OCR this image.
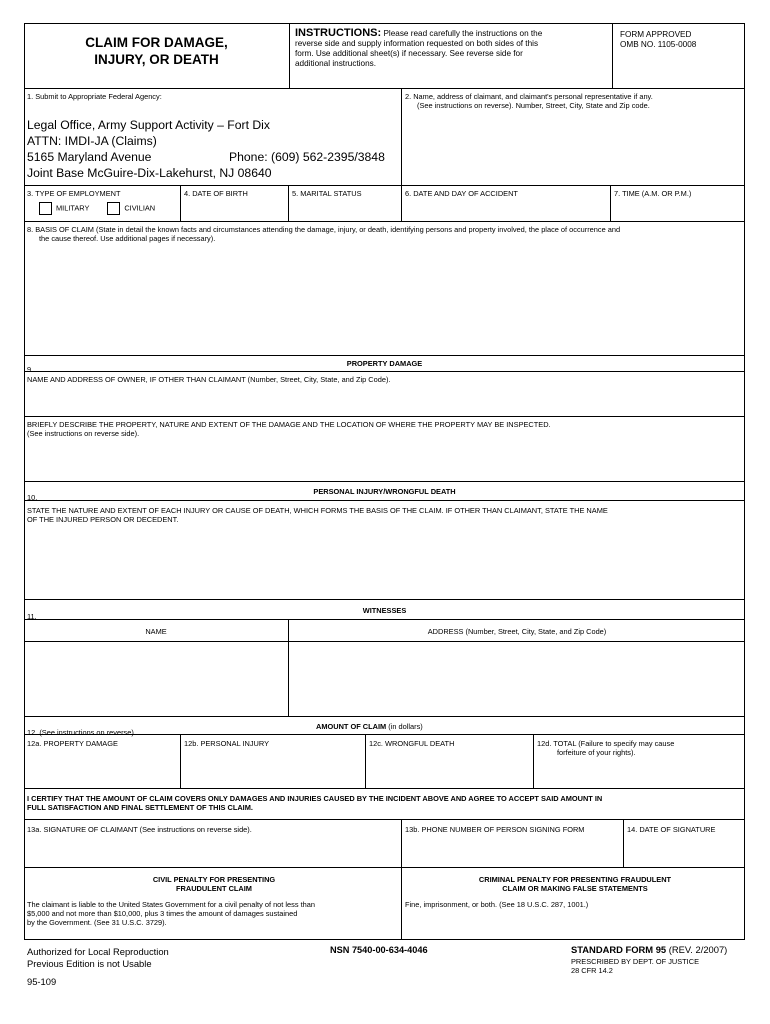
CLAIM FOR DAMAGE,
INJURY, OR DEATH
INSTRUCTIONS: Please read carefully the instructions on the
reverse side and supply information requested on both sides of this
form. Use additional sheet(s) if necessary. See reverse side for
additional instructions.
FORM APPROVED
OMB NO. 1105-0008
1. Submit to Appropriate Federal Agency:
Legal Office, Army Support Activity – Fort Dix
ATTN: IMDI-JA (Claims)
5165 Maryland Avenue	Phone: (609) 562-2395/3848
Joint Base McGuire-Dix-Lakehurst, NJ 08640
2. Name, address of claimant, and claimant's personal representative if any.
(See instructions on reverse). Number, Street, City, State and Zip code.
3. TYPE OF EMPLOYMENT
MILITARY	CIVILIAN
4. DATE OF BIRTH	5. MARITAL STATUS	6. DATE AND DAY OF ACCIDENT	7. TIME (A.M. OR P.M.)
8. BASIS OF CLAIM (State in detail the known facts and circumstances attending the damage, injury, or death, identifying persons and property involved, the place of occurrence and
the cause thereof. Use additional pages if necessary).
9.
PROPERTY DAMAGE
NAME AND ADDRESS OF OWNER, IF OTHER THAN CLAIMANT (Number, Street, City, State, and Zip Code).
BRIEFLY DESCRIBE THE PROPERTY, NATURE AND EXTENT OF THE DAMAGE AND THE LOCATION OF WHERE THE PROPERTY MAY BE INSPECTED.
(See instructions on reverse side).
10.
PERSONAL INJURY/WRONGFUL DEATH
STATE THE NATURE AND EXTENT OF EACH INJURY OR CAUSE OF DEATH, WHICH FORMS THE BASIS OF THE CLAIM. IF OTHER THAN CLAIMANT, STATE THE NAME
OF THE INJURED PERSON OR DECEDENT.
11.
WITNESSES
NAME	ADDRESS (Number, Street, City, State, and Zip Code)
12. (See instructions on reverse).
AMOUNT OF CLAIM (in dollars)
12a. PROPERTY DAMAGE	12b. PERSONAL INJURY	12c. WRONGFUL DEATH	12d. TOTAL (Failure to specify may cause
forfeiture of your rights).
I CERTIFY THAT THE AMOUNT OF CLAIM COVERS ONLY DAMAGES AND INJURIES CAUSED BY THE INCIDENT ABOVE AND AGREE TO ACCEPT SAID AMOUNT IN
FULL SATISFACTION AND FINAL SETTLEMENT OF THIS CLAIM.
13a. SIGNATURE OF CLAIMANT (See instructions on reverse side).	13b. PHONE NUMBER OF PERSON SIGNING FORM	14. DATE OF SIGNATURE
CIVIL PENALTY FOR PRESENTING
FRAUDULENT CLAIM
The claimant is liable to the United States Government for a civil penalty of not less than
$5,000 and not more than $10,000, plus 3 times the amount of damages sustained
by the Government. (See 31 U.S.C. 3729).
CRIMINAL PENALTY FOR PRESENTING FRAUDULENT
CLAIM OR MAKING FALSE STATEMENTS
Fine, imprisonment, or both. (See 18 U.S.C. 287, 1001.)
Authorized for Local Reproduction
Previous Edition is not Usable
95-109
NSN 7540-00-634-4046	STANDARD FORM 95 (REV. 2/2007)
PRESCRIBED BY DEPT. OF JUSTICE
28 CFR 14.2
